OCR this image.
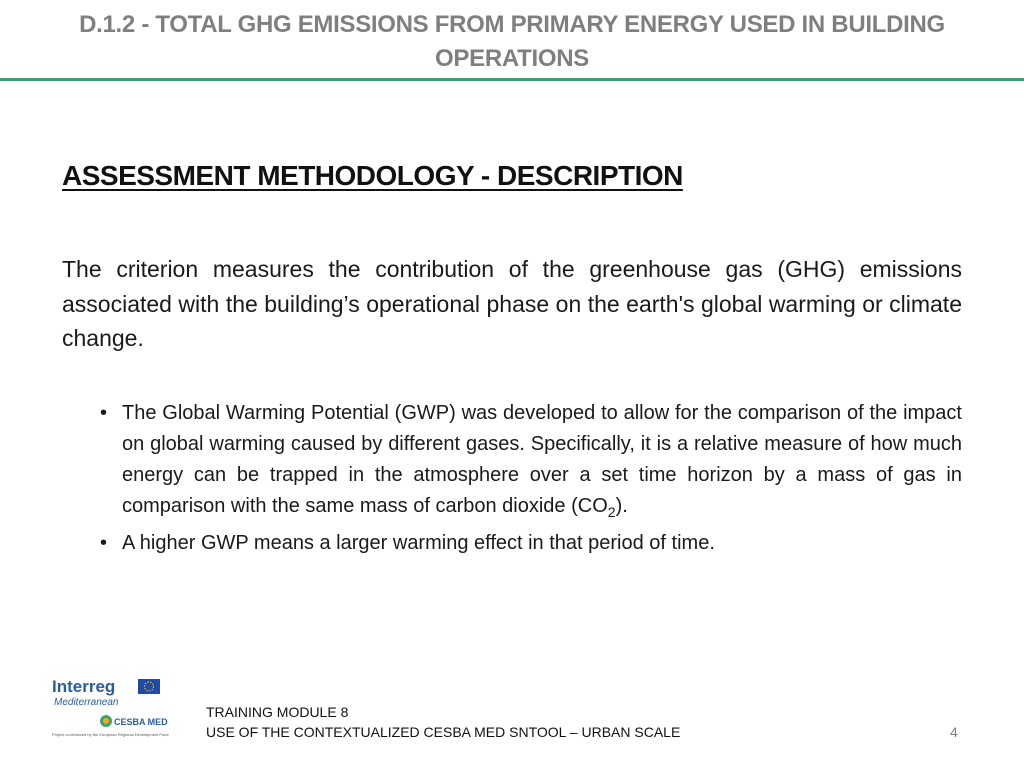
D.1.2 - TOTAL GHG EMISSIONS FROM PRIMARY ENERGY USED IN BUILDING OPERATIONS
ASSESSMENT METHODOLOGY - DESCRIPTION
The criterion measures the contribution of the greenhouse gas (GHG) emissions associated with the building’s operational phase on the earth's global warming or climate change.
• The Global Warming Potential (GWP) was developed to allow for the comparison of the impact on global warming caused by different gases. Specifically, it is a relative measure of how much energy can be trapped in the atmosphere over a set time horizon by a mass of gas in comparison with the same mass of carbon dioxide $(CO_2)$.
• A higher GWP means a larger warming effect in that period of time.
Interreg
Mediterranean
CESBA MED
Project co-financed by the European Regional Development Fund
TRAINING MODULE 8
USE OF THE CONTEXTUALIZED CESBA MED SNTOOL – URBAN SCALE	4
